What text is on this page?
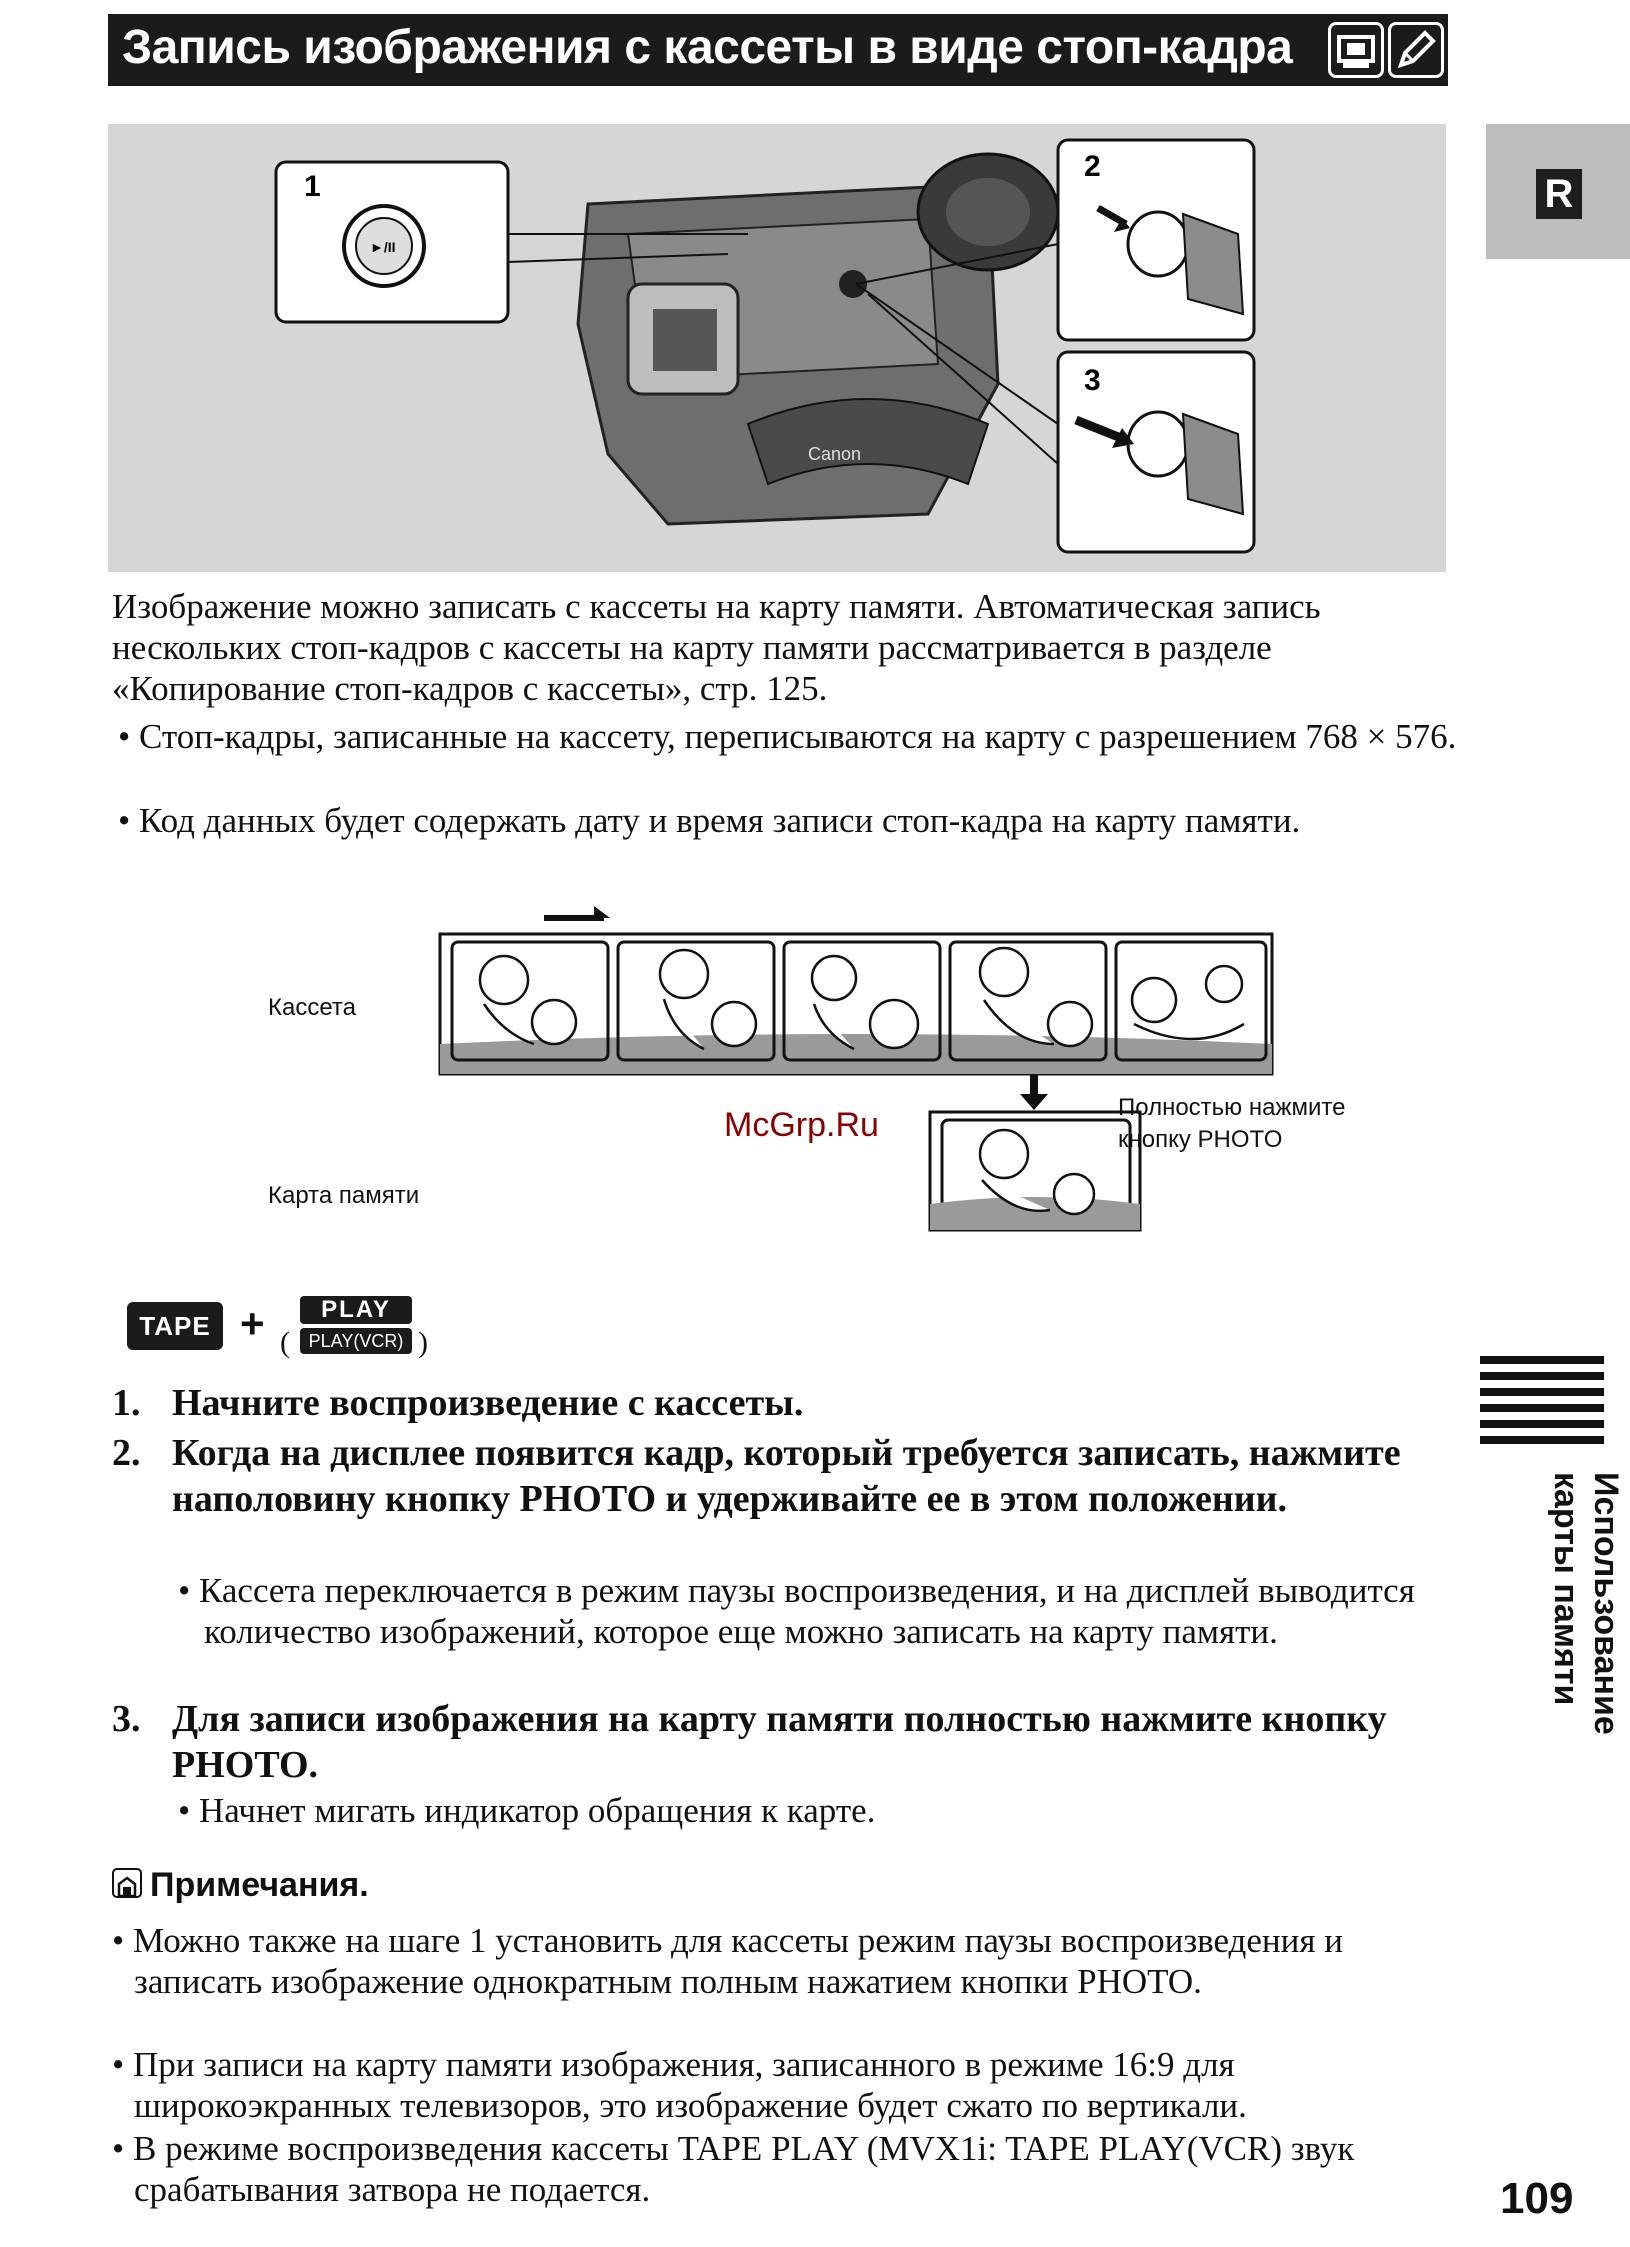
Запись изображения с кассеты в виде стоп-кадра
Canon
►/II
1
2
3
R
Использование
карты памяти
Изображение можно записать с кассеты на карту памяти. Автоматическая запись нескольких стоп-кадров с кассеты на карту памяти рассматривается в разделе «Копирование стоп-кадров с кассеты», стр. 125.
• Стоп-кадры, записанные на кассету, переписываются на карту с разрешением 768 × 576.
• Код данных будет содержать дату и время записи стоп-кадра на карту памяти.
Кассета
Карта памяти
Полностью нажмите
кнопку PHOTO
McGrp.Ru
TAPE + (
PLAY
PLAY(VCR) )
1. Начните воспроизведение с кассеты.
2. Когда на дисплее появится кадр, который требуется записать, нажмите наполовину кнопку PHOTO и удерживайте ее в этом положении.
• Кассета переключается в режим паузы воспроизведения, и на дисплей выводится количество изображений, которое еще можно записать на карту памяти.
3. Для записи изображения на карту памяти полностью нажмите кнопку PHOTO.
• Начнет мигать индикатор обращения к карте.
Примечания.
• Можно также на шаге 1 установить для кассеты режим паузы воспроизведения и записать изображение однократным полным нажатием кнопки PHOTO.
• При записи на карту памяти изображения, записанного в режиме 16:9 для широкоэкранных телевизоров, это изображение будет сжато по вертикали.
• В режиме воспроизведения кассеты TAPE PLAY (MVX1i: TAPE PLAY(VCR) звук срабатывания затвора не подается.	109
